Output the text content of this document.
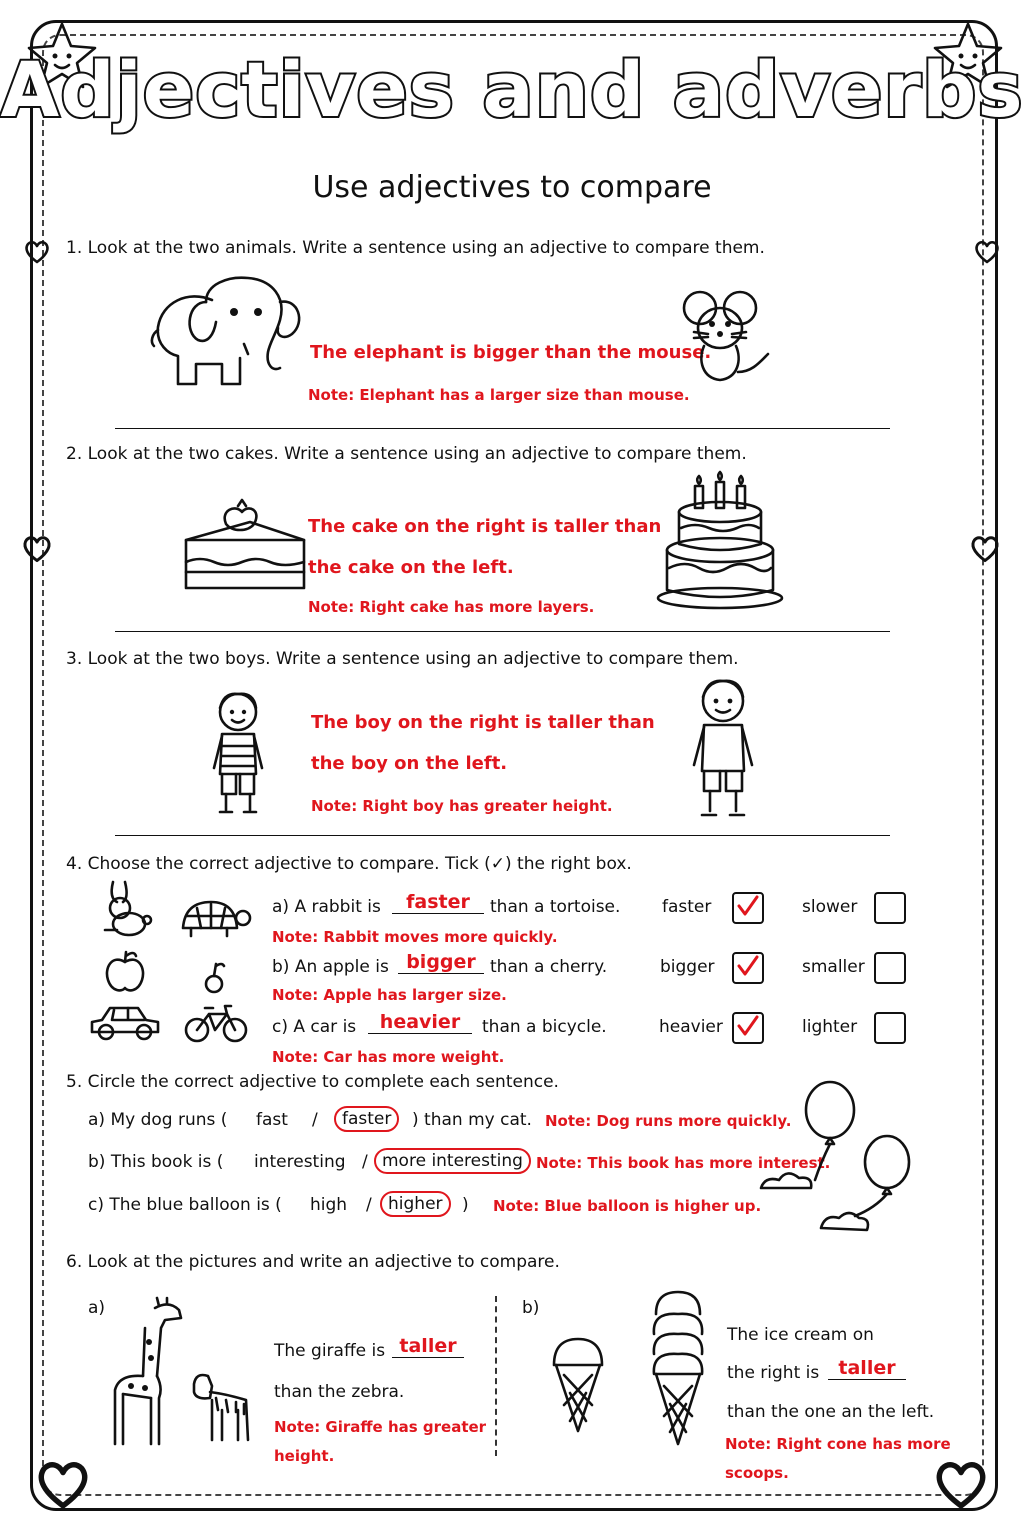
Adjectives and adverbs
Use adjectives to compare
1. Look at the two animals. Write a sentence using an adjective to compare them.
The elephant is bigger than the mouse.
Note: Elephant has a larger size than mouse.
2. Look at the two cakes. Write a sentence using an adjective to compare them.
The cake on the right is taller than
the cake on the left.
Note: Right cake has more layers.
3. Look at the two boys. Write a sentence using an adjective to compare them.
The boy on the right is taller than
the boy on the left.
Note: Right boy has greater height.
4. Choose the correct adjective to compare. Tick (✓) the right box.
a) A rabbit is	faster	than a tortoise. faster	slower
Note: Rabbit moves more quickly.
b) An apple is bigger than a cherry.	bigger	smaller
Note: Apple has larger size.
c) A car is	heavier	than a bicycle.	heavier	lighter
Note: Car has more weight.
5. Circle the correct adjective to complete each sentence.
a) My dog runs ( fast /	faster	) than my cat. Note: Dog runs more quickly.
b) This book is ( interesting / more interesting Note: This book has more interest.
c) The blue balloon is ( high / higher	) Note: Blue balloon is higher up.
6. Look at the pictures and write an adjective to compare.
a)
The giraffe is taller
than the zebra.
Note: Giraffe has greater
height.
b)
The ice cream on
the right is	taller
than the one an the left.
Note: Right cone has more
scoops.
